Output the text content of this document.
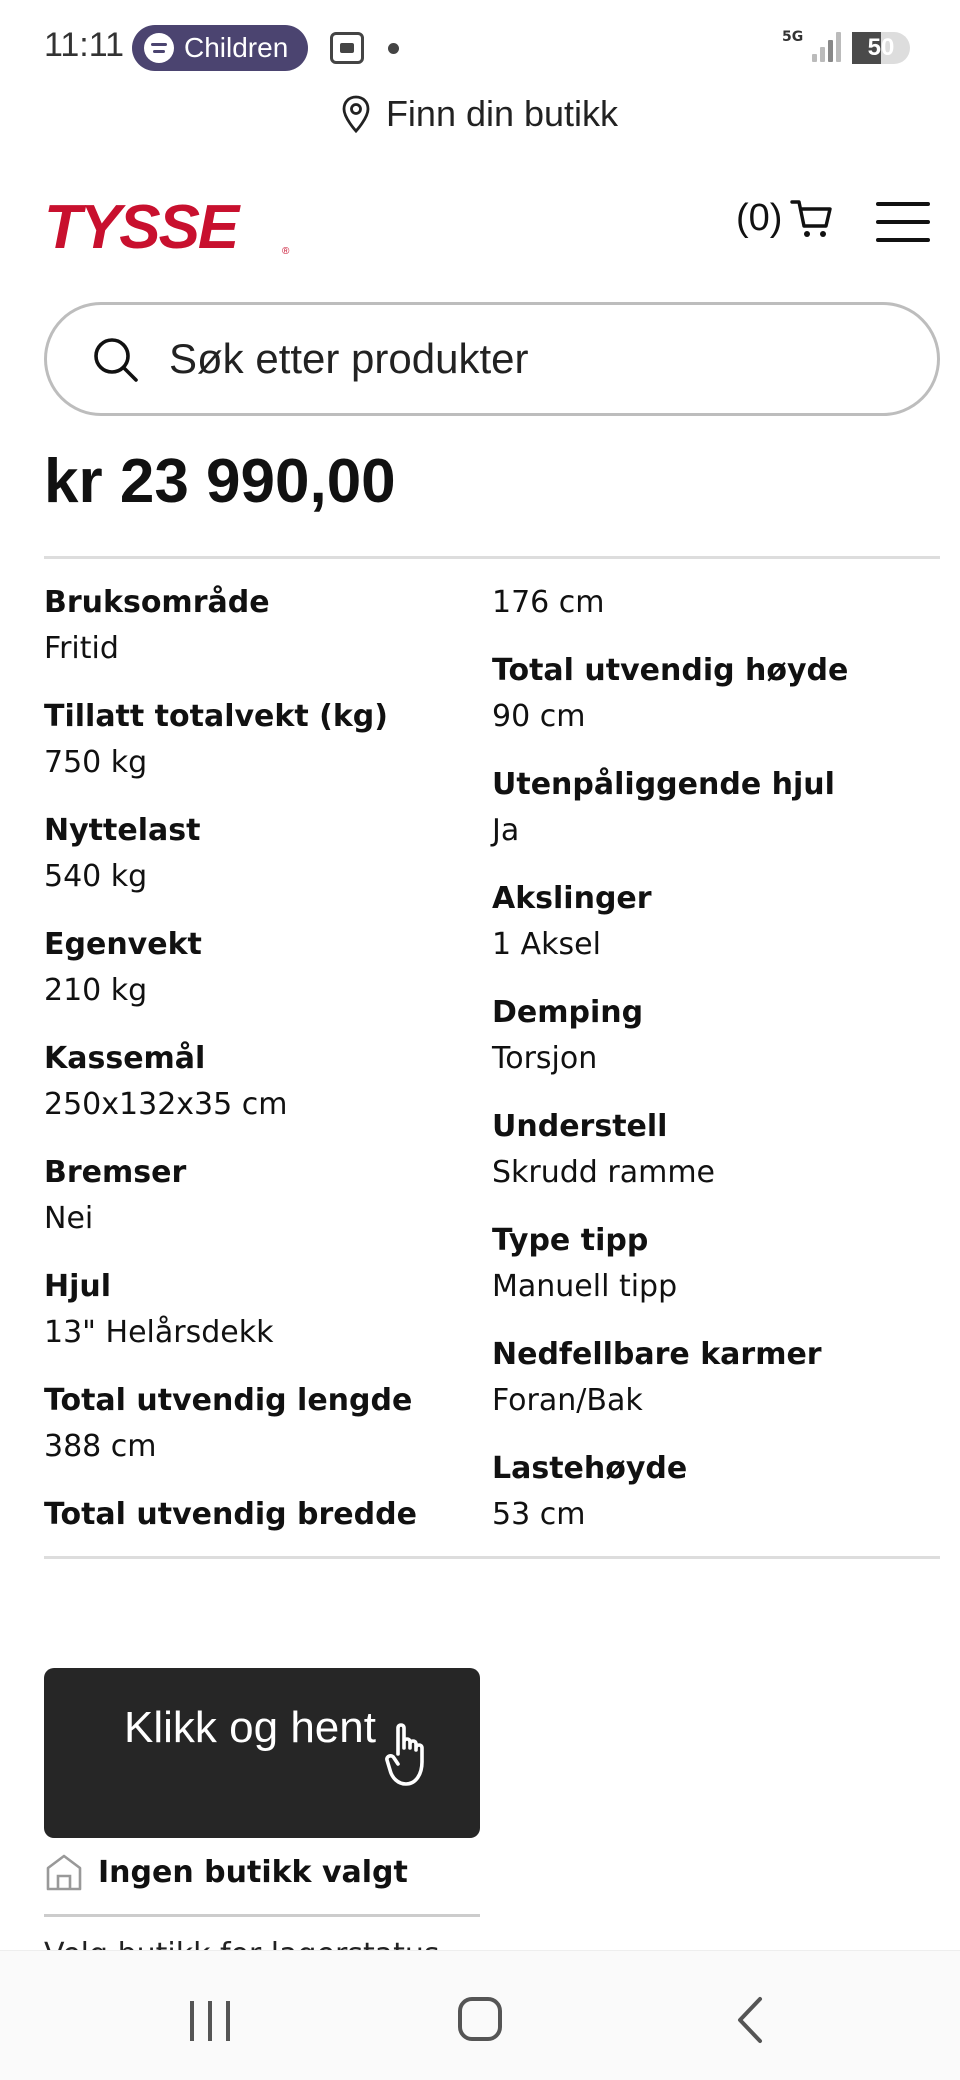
11:11 Children	5G	50
Finn din butikk
TYSSE	®
(0)
Søk etter produkter
kr 23 990,00
Bruksområde
Fritid
Tillatt totalvekt (kg)
750 kg
Nyttelast
540 kg
Egenvekt
210 kg
Kassemål
250x132x35 cm
Bremser
Nei
Hjul
13" Helårsdekk
Total utvendig lengde
388 cm
Total utvendig bredde
176 cm
Total utvendig høyde
90 cm
Utenpåliggende hjul
Ja
Akslinger
1 Aksel
Demping
Torsjon
Understell
Skrudd ramme
Type tipp
Manuell tipp
Nedfellbare karmer
Foran/Bak
Lastehøyde
53 cm
Klikk og hent
Ingen butikk valgt
